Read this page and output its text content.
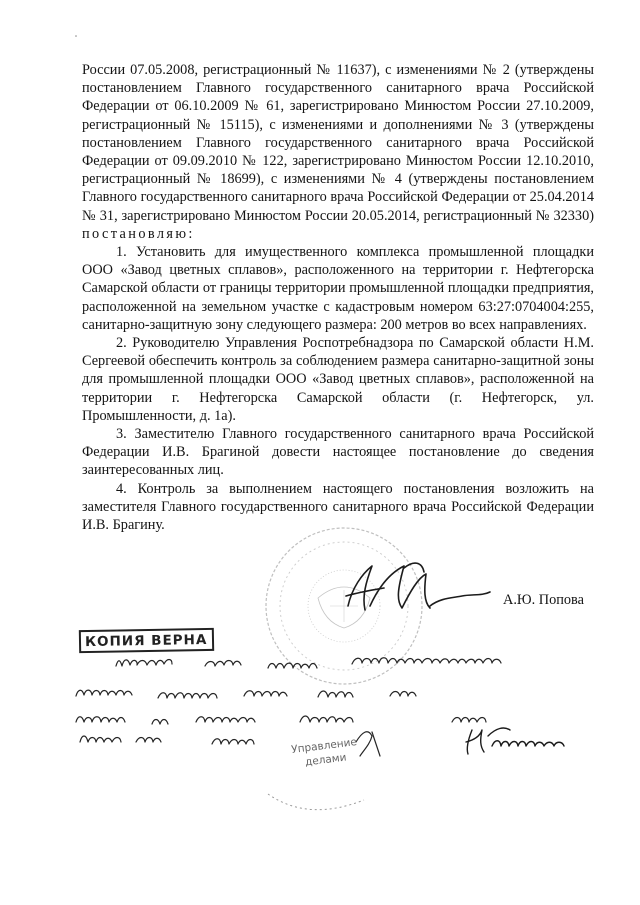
России 07.05.2008, регистрационный № 11637), с изменениями № 2 (утверждены постановлением Главного государственного санитарного врача Российской Федерации от 06.10.2009 № 61, зарегистрировано Минюстом России 27.10.2009, регистрационный № 15115), с изменениями и дополнениями № 3 (утверждены постановлением Главного государственного санитарного врача Российской Федерации от 09.09.2010 № 122, зарегистрировано Минюстом России 12.10.2010, регистрационный № 18699), с изменениями № 4 (утверждены постановлением Главного государственного санитарного врача Российской Федерации от 25.04.2014 № 31, зарегистрировано Минюстом России 20.05.2014, регистрационный № 32330) постановляю:

1. Установить для имущественного комплекса промышленной площадки ООО «Завод цветных сплавов», расположенного на территории г. Нефтегорска Самарской области от границы территории промышленной площадки предприятия, расположенной на земельном участке с кадастровым номером 63:27:0704004:255, санитарно-защитную зону следующего размера: 200 метров во всех направлениях.

2. Руководителю Управления Роспотребнадзора по Самарской области Н.М. Сергеевой обеспечить контроль за соблюдением размера санитарно-защитной зоны для промышленной площадки ООО «Завод цветных сплавов», расположенной на территории г. Нефтегорска Самарской области (г. Нефтегорск, ул. Промышленности, д. 1а).

3. Заместителю Главного государственного санитарного врача Российской Федерации И.В. Брагиной довести настоящее постановление до сведения заинтересованных лиц.

4. Контроль за выполнением настоящего постановления возложить на заместителя Главного государственного санитарного врача Российской Федерации И.В. Брагину.

А.Ю. Попова
КОПИЯ ВЕРНА
Управление
делами
